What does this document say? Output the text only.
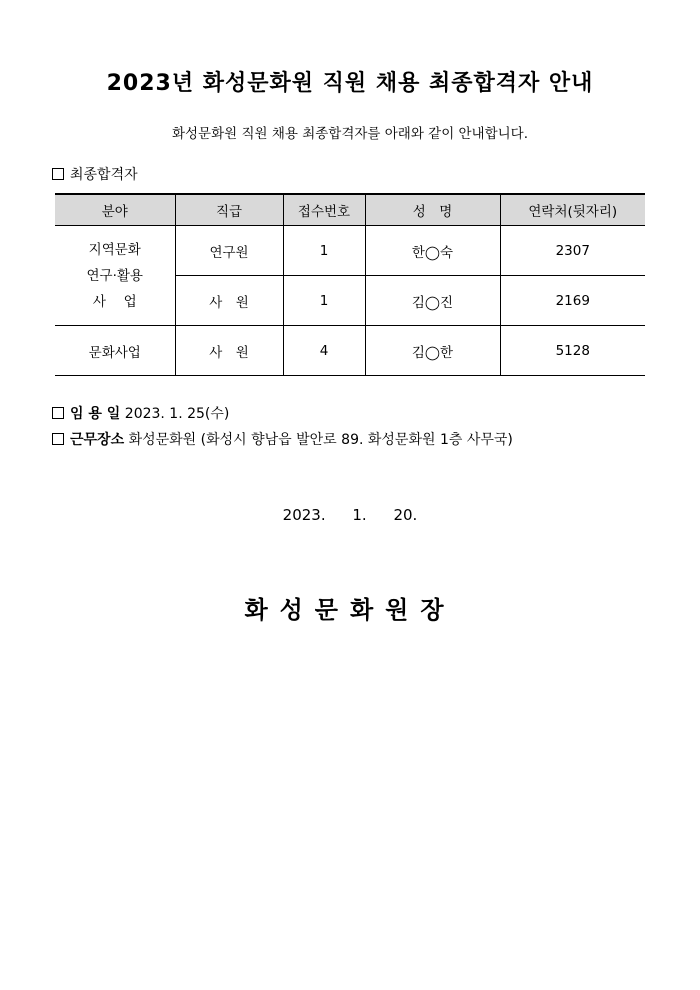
2023년 화성문화원 직원 채용 최종합격자 안내
화성문화원 직원 채용 최종합격자를 아래와 같이 안내합니다.
최종합격자
분야	직급	접수번호	성　명	연락처(뒷자리)

지역문화
연구·활용
사　 업	연구원	1	한◯숙	2307
	사　원	1	김◯진	2169
문화사업	사　원	4	김◯한	5128
임 용 일 2023. 1. 25(수)
근무장소 화성문화원 (화성시 향남읍 발안로 89. 화성문화원 1층 사무국)
2023. 1. 20.
화성문화원장
